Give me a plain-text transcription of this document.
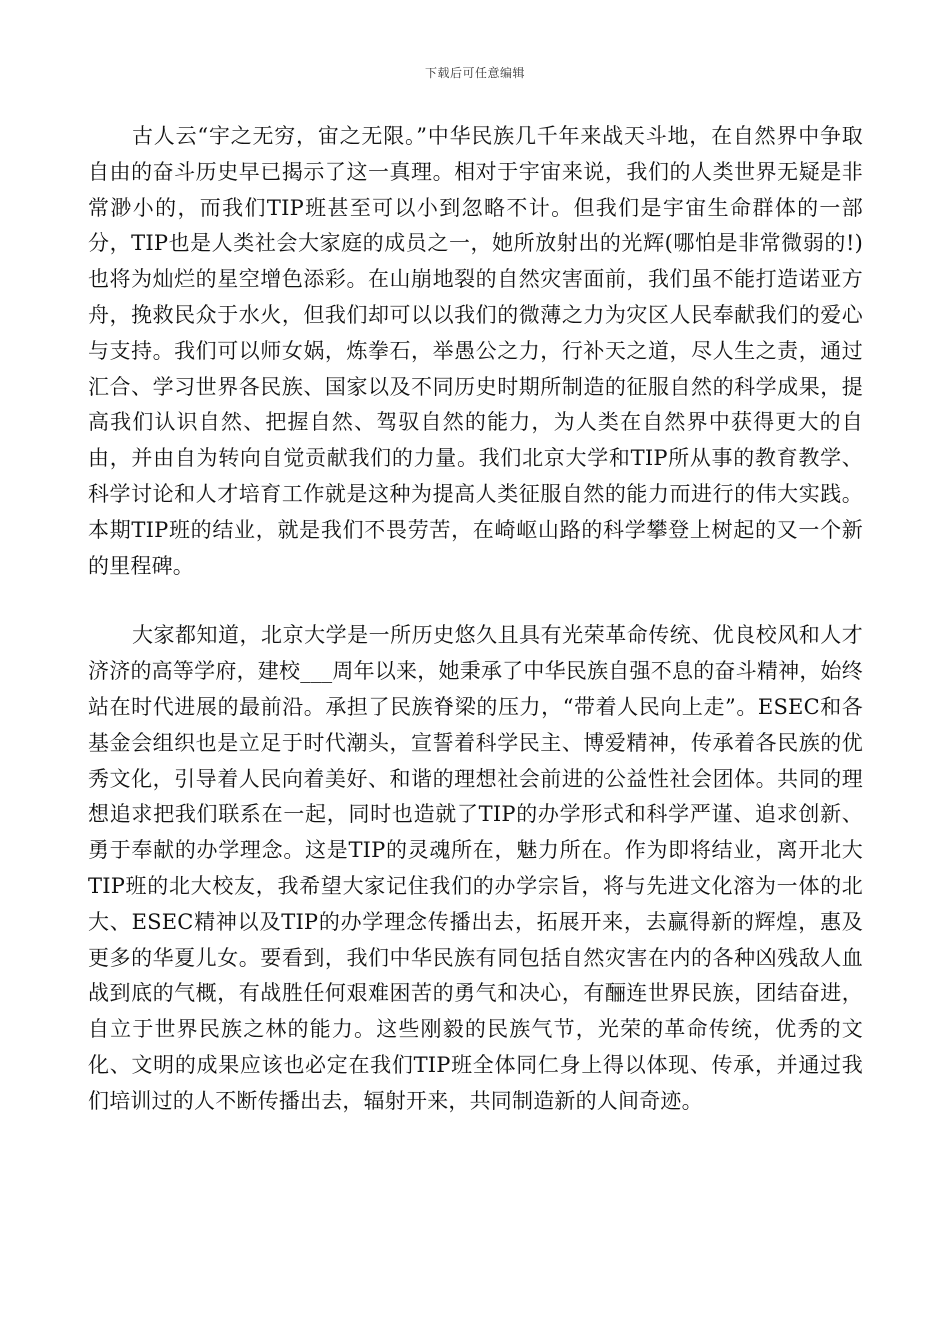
下载后可任意编辑

古人云“宇之无穷，宙之无限。”中华民族几千年来战天斗地，在自然界中争取自由的奋斗历史早已揭示了这一真理。相对于宇宙来说，我们的人类世界无疑是非常渺小的，而我们TIP班甚至可以小到忽略不计。但我们是宇宙生命群体的一部分，TIP也是人类社会大家庭的成员之一，她所放射出的光辉(哪怕是非常微弱的!)也将为灿烂的星空增色添彩。在山崩地裂的自然灾害面前，我们虽不能打造诺亚方舟，挽救民众于水火，但我们却可以以我们的微薄之力为灾区人民奉献我们的爱心与支持。我们可以师女娲，炼拳石，举愚公之力，行补天之道，尽人生之责，通过汇合、学习世界各民族、国家以及不同历史时期所制造的征服自然的科学成果，提高我们认识自然、把握自然、驾驭自然的能力，为人类在自然界中获得更大的自由，并由自为转向自觉贡献我们的力量。我们北京大学和TIP所从事的教育教学、科学讨论和人才培育工作就是这种为提高人类征服自然的能力而进行的伟大实践。本期TIP班的结业，就是我们不畏劳苦，在崎岖山路的科学攀登上树起的又一个新的里程碑。

大家都知道，北京大学是一所历史悠久且具有光荣革命传统、优良校风和人才济济的高等学府，建校___周年以来，她秉承了中华民族自强不息的奋斗精神，始终站在时代进展的最前沿。承担了民族脊梁的压力，“带着人民向上走”。ESEC和各基金会组织也是立足于时代潮头，宣誓着科学民主、博爱精神，传承着各民族的优秀文化，引导着人民向着美好、和谐的理想社会前进的公益性社会团体。共同的理想追求把我们联系在一起，同时也造就了TIP的办学形式和科学严谨、追求创新、勇于奉献的办学理念。这是TIP的灵魂所在，魅力所在。作为即将结业，离开北大TIP班的北大校友，我希望大家记住我们的办学宗旨，将与先进文化溶为一体的北大、ESEC精神以及TIP的办学理念传播出去，拓展开来，去赢得新的辉煌，惠及更多的华夏儿女。要看到，我们中华民族有同包括自然灾害在内的各种凶残敌人血战到底的气概，有战胜任何艰难困苦的勇气和决心，有酾连世界民族，团结奋进，自立于世界民族之林的能力。这些刚毅的民族气节，光荣的革命传统，优秀的文化、文明的成果应该也必定在我们TIP班全体同仁身上得以体现、传承，并通过我们培训过的人不断传播出去，辐射开来，共同制造新的人间奇迹。
